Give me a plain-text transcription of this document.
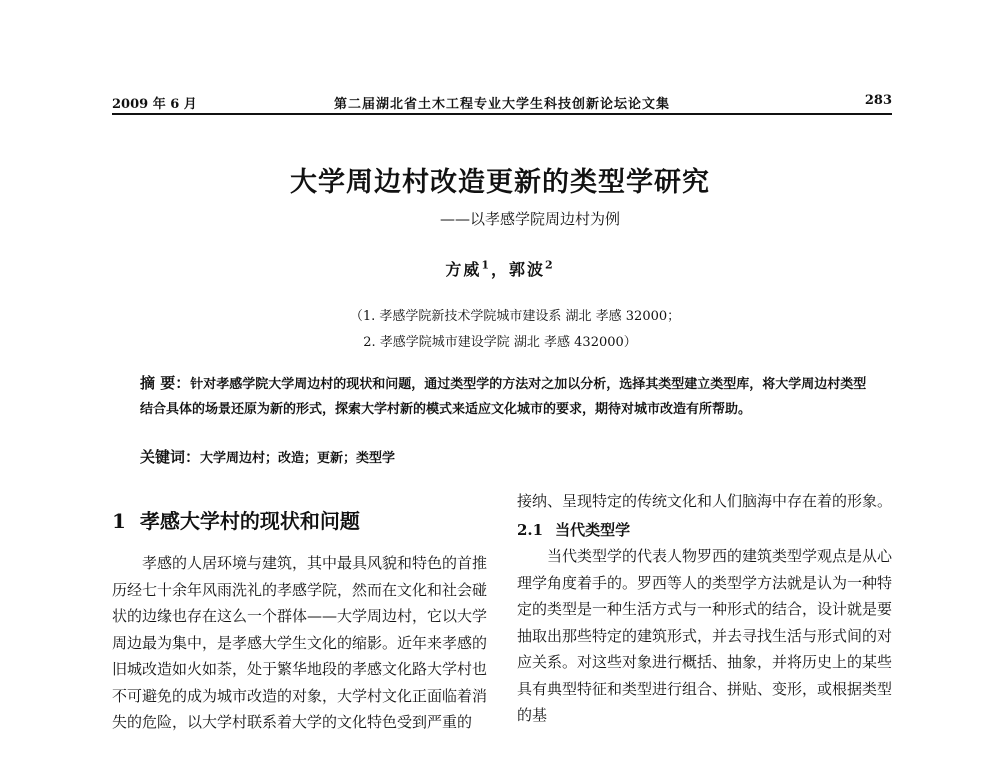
2009 年 6 月	第二届湖北省土木工程专业大学生科技创新论坛论文集	283
大学周边村改造更新的类型学研究
——以孝感学院周边村为例
方威$^1$，郭波$^2$
（1. 孝感学院新技术学院城市建设系 湖北 孝感 32000；
2. 孝感学院城市建设学院 湖北 孝感 432000）
摘 要：针对孝感学院大学周边村的现状和问题，通过类型学的方法对之加以分析，选择其类型建立类型库，将大学周边村类型结合具体的场景还原为新的形式，探索大学村新的模式来适应文化城市的要求，期待对城市改造有所帮助。
关键词：大学周边村；改造；更新；类型学
1 孝感大学村的现状和问题

孝感的人居环境与建筑，其中最具风貌和特色的首推历经七十余年风雨洗礼的孝感学院，然而在文化和社会碰状的边缘也存在这么一个群体——大学周边村，它以大学周边最为集中，是孝感大学生文化的缩影。近年来孝感的旧城改造如火如荼，处于繁华地段的孝感文化路大学村也不可避免的成为城市改造的对象，大学村文化正面临着消失的危险，以大学村联系着大学的文化特色受到严重的

接纳、呈现特定的传统文化和人们脑海中存在着的形象。

2.1 当代类型学

当代类型学的代表人物罗西的建筑类型学观点是从心理学角度着手的。罗西等人的类型学方法就是认为一种特定的类型是一种生活方式与一种形式的结合，设计就是要抽取出那些特定的建筑形式，并去寻找生活与形式间的对应关系。对这些对象进行概括、抽象，并将历史上的某些具有典型特征和类型进行组合、拼贴、变形，或根据类型的基
